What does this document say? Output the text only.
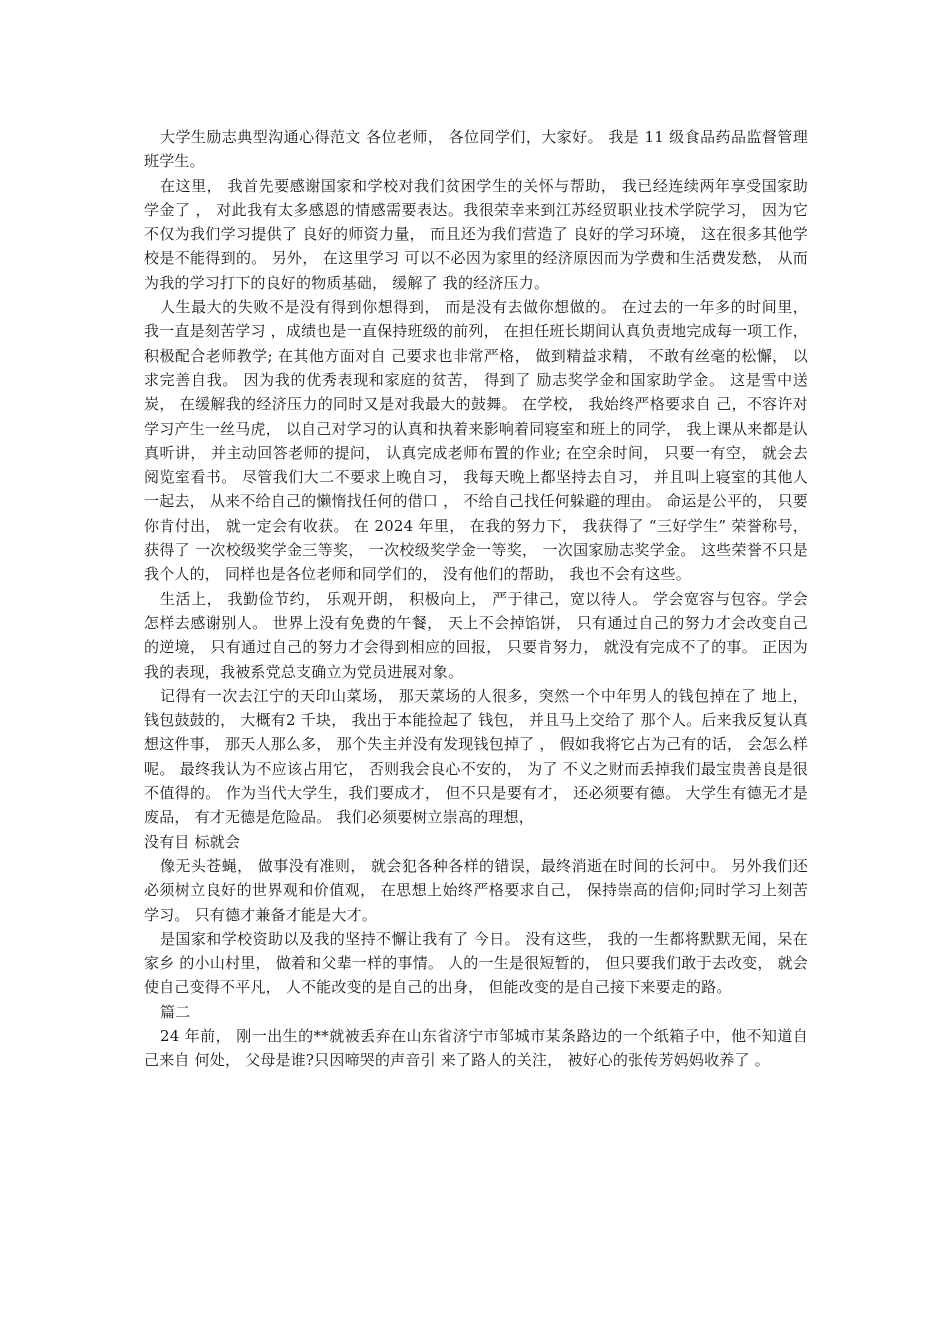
大学生励志典型沟通心得范文 各位老师， 各位同学们，大家好。 我是 11 级食品药品监督管理班学生。

在这里， 我首先要感谢国家和学校对我们贫困学生的关怀与帮助， 我已经连续两年享受国家助学金了 ， 对此我有太多感恩的情感需要表达。我很荣幸来到江苏经贸职业技术学院学习， 因为它不仅为我们学习提供了 良好的师资力量， 而且还为我们营造了 良好的学习环境， 这在很多其他学校是不能得到的。 另外， 在这里学习 可以不必因为家里的经济原因而为学费和生活费发愁， 从而为我的学习打下的良好的物质基础， 缓解了 我的经济压力。

人生最大的失败不是没有得到你想得到， 而是没有去做你想做的。 在过去的一年多的时间里， 我一直是刻苦学习 ，成绩也是一直保持班级的前列， 在担任班长期间认真负责地完成每一项工作， 积极配合老师教学; 在其他方面对自 己要求也非常严格， 做到精益求精， 不敢有丝毫的松懈， 以求完善自我。 因为我的优秀表现和家庭的贫苦， 得到了 励志奖学金和国家助学金。 这是雪中送炭， 在缓解我的经济压力的同时又是对我最大的鼓舞。 在学校， 我始终严格要求自 己，不容许对学习产生一丝马虎， 以自己对学习的认真和执着来影响着同寝室和班上的同学， 我上课从来都是认真听讲， 并主动回答老师的提问， 认真完成老师布置的作业; 在空余时间， 只要一有空， 就会去阅览室看书。 尽管我们大二不要求上晚自习， 我每天晚上都坚持去自习， 并且叫上寝室的其他人一起去， 从来不给自己的懒惰找任何的借口 ， 不给自己找任何躲避的理由。 命运是公平的， 只要你肯付出， 就一定会有收获。 在 2024 年里， 在我的努力下， 我获得了 “三好学生” 荣誉称号， 获得了 一次校级奖学金三等奖， 一次校级奖学金一等奖， 一次国家励志奖学金。 这些荣誉不只是我个人的， 同样也是各位老师和同学们的， 没有他们的帮助， 我也不会有这些。

生活上， 我勤俭节约， 乐观开朗， 积极向上， 严于律己，宽以待人。 学会宽容与包容。学会怎样去感谢别人。 世界上没有免费的午餐， 天上不会掉馅饼， 只有通过自己的努力才会改变自己的逆境， 只有通过自己的努力才会得到相应的回报， 只要肯努力， 就没有完成不了的事。 正因为我的表现，我被系党总支确立为党员进展对象。

记得有一次去江宁的天印山菜场， 那天菜场的人很多，突然一个中年男人的钱包掉在了 地上， 钱包鼓鼓的， 大概有2 千块， 我出于本能捡起了 钱包， 并且马上交给了 那个人。后来我反复认真想这件事， 那天人那么多， 那个失主并没有发现钱包掉了 ， 假如我将它占为己有的话， 会怎么样呢。 最终我认为不应该占用它， 否则我会良心不安的， 为了 不义之财而丢掉我们最宝贵善良是很不值得的。 作为当代大学生，我们要成才， 但不只是要有才， 还必须要有德。 大学生有德无才是废品， 有才无德是危险品。 我们必须要树立崇高的理想，

没有目 标就会

像无头苍蝇， 做事没有准则， 就会犯各种各样的错误，最终消逝在时间的长河中。 另外我们还必须树立良好的世界观和价值观， 在思想上始终严格要求自己， 保持崇高的信仰;同时学习上刻苦学习。 只有德才兼备才能是大才。

是国家和学校资助以及我的坚持不懈让我有了 今日。 没有这些， 我的一生都将默默无闻，呆在家乡 的小山村里， 做着和父辈一样的事情。 人的一生是很短暂的， 但只要我们敢于去改变， 就会使自己变得不平凡， 人不能改变的是自己的出身， 但能改变的是自己接下来要走的路。

篇二

24 年前， 刚一出生的**就被丢弃在山东省济宁市邹城市某条路边的一个纸箱子中，他不知道自 己来自 何处， 父母是谁?只因啼哭的声音引 来了路人的关注， 被好心的张传芳妈妈收养了 。
